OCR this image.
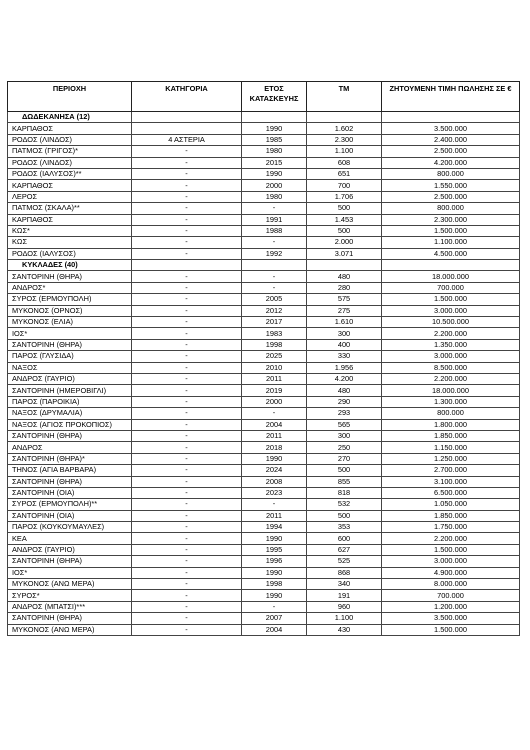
ΠΕΡΙΟΧΗ	ΚΑΤΗΓΟΡΙΑ	ΕΤΟΣ ΚΑΤΑΣΚΕΥΗΣ	ΤΜ	ΖΗΤΟΥΜΕΝΗ ΤΙΜΗ ΠΩΛΗΣΗΣ ΣΕ €
ΔΩΔΕΚΑΝΗΣΑ (12)				
ΚΑΡΠΑΘΟΣ		1990	1.602	3.500.000
ΡΟΔΟΣ (ΛΙΝΔΟΣ)	4 ΑΣΤΕΡΙΑ	1985	2.300	2.400.000
ΠΑΤΜΟΣ (ΓΡΙΓΟΣ)*	-	1980	1.100	2.500.000
ΡΟΔΟΣ (ΛΙΝΔΟΣ)	-	2015	608	4.200.000
ΡΟΔΟΣ (ΙΑΛΥΣΟΣ)**	-	1990	651	800.000
ΚΑΡΠΑΘΟΣ	-	2000	700	1.550.000
ΛΕΡΟΣ	-	1980	1.706	2.500.000
ΠΑΤΜΟΣ (ΣΚΑΛΑ)**	-	-	500	800.000
ΚΑΡΠΑΘΟΣ	-	1991	1.453	2.300.000
ΚΩΣ*	-	1988	500	1.500.000
ΚΩΣ	-	-	2.000	1.100.000
ΡΟΔΟΣ (ΙΑΛΥΣΟΣ)	-	1992	3.071	4.500.000
ΚΥΚΛΑΔΕΣ (40)				
ΣΑΝΤΟΡΙΝΗ (ΘΗΡΑ)	-	-	480	18.000.000
ΑΝΔΡΟΣ*	-	-	280	700.000
ΣΥΡΟΣ (ΕΡΜΟΥΠΟΛΗ)	-	2005	575	1.500.000
ΜΥΚΟΝΟΣ (ΟΡΝΟΣ)	-	2012	275	3.000.000
ΜΥΚΟΝΟΣ (ΕΛΙΑ)	-	2017	1.610	10.500.000
ΙΟΣ*	-	1983	300	2.200.000
ΣΑΝΤΟΡΙΝΗ (ΘΗΡΑ)	-	1998	400	1.350.000
ΠΑΡΟΣ (ΓΛΥΣΙΔΑ)	-	2025	330	3.000.000
ΝΑΞΟΣ	-	2010	1.956	8.500.000
ΑΝΔΡΟΣ (ΓΑΥΡΙΟ)	-	2011	4.200	2.200.000
ΣΑΝΤΟΡΙΝΗ (ΗΜΕΡΟΒΙΓΛΙ)	-	2019	480	18.000.000
ΠΑΡΟΣ (ΠΑΡΟΙΚΙΑ)	-	2000	290	1.300.000
ΝΑΞΟΣ (ΔΡΥΜΑΛΙΑ)	-	-	293	800.000
ΝΑΞΟΣ (ΑΓΙΟΣ ΠΡΟΚΟΠΙΟΣ)	-	2004	565	1.800.000
ΣΑΝΤΟΡΙΝΗ (ΘΗΡΑ)	-	2011	300	1.850.000
ΑΝΔΡΟΣ	-	2018	250	1.150.000
ΣΑΝΤΟΡΙΝΗ (ΘΗΡΑ)*	-	1990	270	1.250.000
ΤΗΝΟΣ (ΑΓΙΑ ΒΑΡΒΑΡΑ)	-	2024	500	2.700.000
ΣΑΝΤΟΡΙΝΗ (ΘΗΡΑ)	-	2008	855	3.100.000
ΣΑΝΤΟΡΙΝΗ (ΟΙΑ)	-	2023	818	6.500.000
ΣΥΡΟΣ (ΕΡΜΟΥΠΟΛΗ)**	-	-	532	1.050.000
ΣΑΝΤΟΡΙΝΗ (ΟΙΑ)	-	2011	500	1.850.000
ΠΑΡΟΣ (ΚΟΥΚΟΥΜΑΥΛΕΣ)	-	1994	353	1.750.000
ΚΕΑ	-	1990	600	2.200.000
ΑΝΔΡΟΣ (ΓΑΥΡΙΟ)	-	1995	627	1.500.000
ΣΑΝΤΟΡΙΝΗ (ΘΗΡΑ)	-	1996	525	3.000.000
ΙΟΣ*	-	1990	868	4.900.000
ΜΥΚΟΝΟΣ (ΑΝΩ ΜΕΡΑ)	-	1998	340	8.000.000
ΣΥΡΟΣ*	-	1990	191	700.000
ΑΝΔΡΟΣ (ΜΠΑΤΣΙ)***	-	-	960	1.200.000
ΣΑΝΤΟΡΙΝΗ (ΘΗΡΑ)	-	2007	1.100	3.500.000
ΜΥΚΟΝΟΣ (ΑΝΩ ΜΕΡΑ)	-	2004	430	1.500.000
